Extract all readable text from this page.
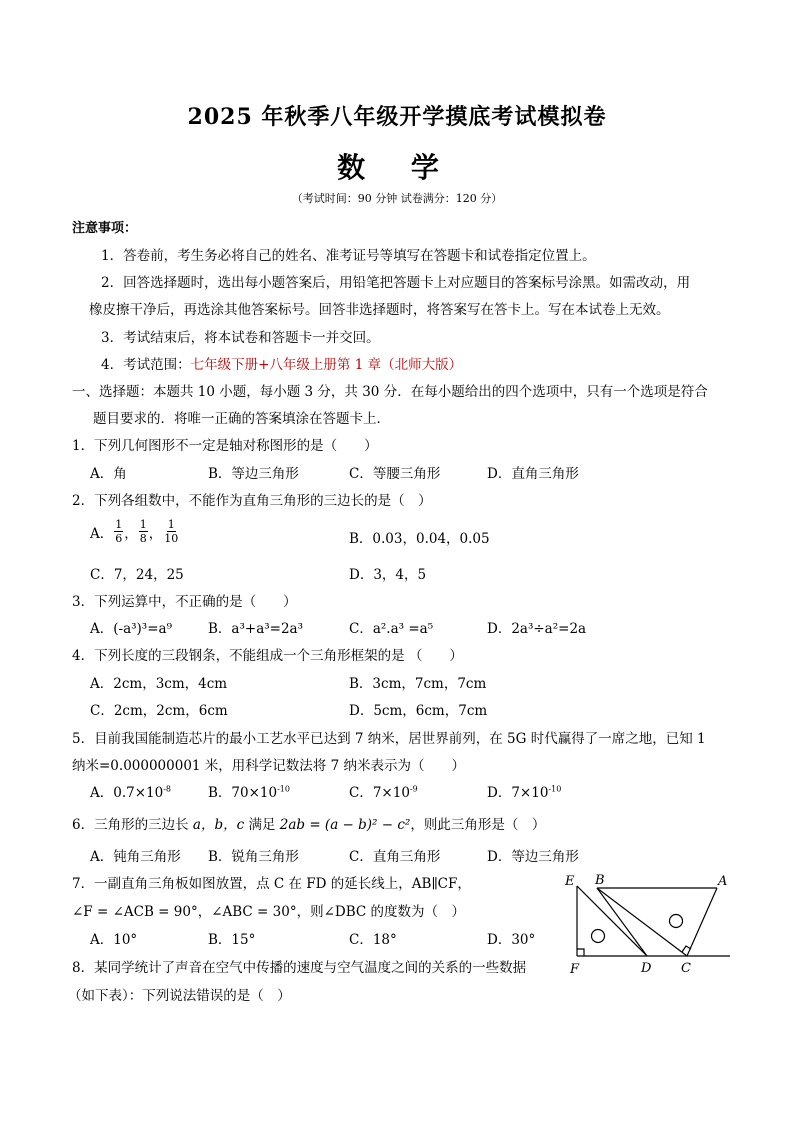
2025 年秋季八年级开学摸底考试模拟卷
数 学
（考试时间：90 分钟 试卷满分：120 分）
注意事项：
1．答卷前，考生务必将自己的姓名、准考证号等填写在答题卡和试卷指定位置上。
2．回答选择题时，选出每小题答案后，用铅笔把答题卡上对应题目的答案标号涂黑。如需改动，用
橡皮擦干净后，再选涂其他答案标号。回答非选择题时，将答案写在答卡上。写在本试卷上无效。
3．考试结束后，将本试卷和答题卡一并交回。
4．考试范围：七年级下册+八年级上册第 1 章（北师大版）
一、选择题：本题共 10 小题，每小题 3 分，共 30 分．在每小题给出的四个选项中，只有一个选项是符合
题目要求的．将唯一正确的答案填涂在答题卡上．
1．下列几何图形不一定是轴对称图形的是（　　）
A．角	B．等边三角形	C．等腰三角形	D．直角三角形
2．下列各组数中，不能作为直角三角形的三边长的是（　）
A． $\frac{1}{6}$ ， $\frac{1}{8}$ ， $\frac{1}{10}$	B．0.03，0.04，0.05
C．7，24，25	D．3，4，5
3．下列运算中，不正确的是（　　）
A．(-a³)³=a⁹	B．a³+a³=2a³	C．a².a³ =a⁵	D．2a³÷a²=2a
4．下列长度的三段钢条，不能组成一个三角形框架的是 （　　）
A．2cm，3cm，4cm	B．3cm，7cm，7cm
C．2cm，2cm，6cm	D．5cm，6cm，7cm
5．目前我国能制造芯片的最小工艺水平已达到 7 纳米，居世界前列，在 5G 时代赢得了一席之地，已知 1
纳米=0.000000001 米，用科学记数法将 7 纳米表示为（　　）
A．$0.7\times 10^{-8}$	B．$70\times 10^{-10}$	C．$7\times 10^{-9}$	D．$7\times 10^{-10}$
6．三角形的三边长 a，b，c 满足 2ab = (a − b)² − c²，则此三角形是（　）
A．钝角三角形 B．锐角三角形	C．直角三角形	D．等边三角形
7．一副直角三角板如图放置，点 C 在 FD 的延长线上，AB∥CF，
∠F = ∠ACB = 90°，∠ABC = 30°，则∠DBC 的度数为（　）
A．10°	B．15°	C．18°	D．30°
E B	A
F	D C
8．某同学统计了声音在空气中传播的速度与空气温度之间的关系的一些数据
（如下表）：下列说法错误的是（　）
